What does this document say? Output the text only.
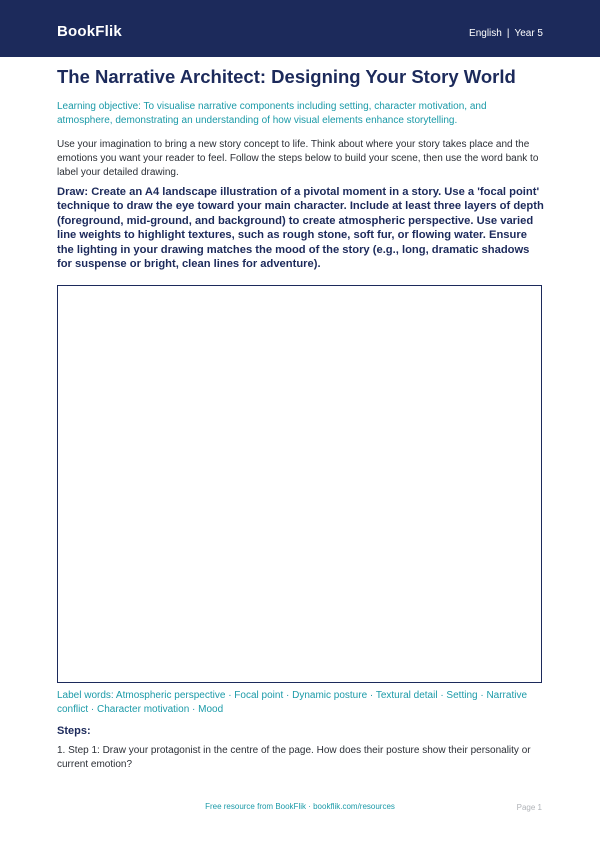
BookFlik	English | Year 5
The Narrative Architect: Designing Your Story World
Learning objective: To visualise narrative components including setting, character motivation, and atmosphere, demonstrating an understanding of how visual elements enhance storytelling.
Use your imagination to bring a new story concept to life. Think about where your story takes place and the emotions you want your reader to feel. Follow the steps below to build your scene, then use the word bank to label your detailed drawing.
Draw: Create an A4 landscape illustration of a pivotal moment in a story. Use a 'focal point' technique to draw the eye toward your main character. Include at least three layers of depth (foreground, mid-ground, and background) to create atmospheric perspective. Use varied line weights to highlight textures, such as rough stone, soft fur, or flowing water. Ensure the lighting in your drawing matches the mood of the story (e.g., long, dramatic shadows for suspense or bright, clean lines for adventure).
Label words: Atmospheric perspective · Focal point · Dynamic posture · Textural detail · Setting · Narrative conflict · Character motivation · Mood
Steps:
1. Step 1: Draw your protagonist in the centre of the page. How does their posture show their personality or current emotion?
Free resource from BookFlik · bookflik.com/resources	Page 1
